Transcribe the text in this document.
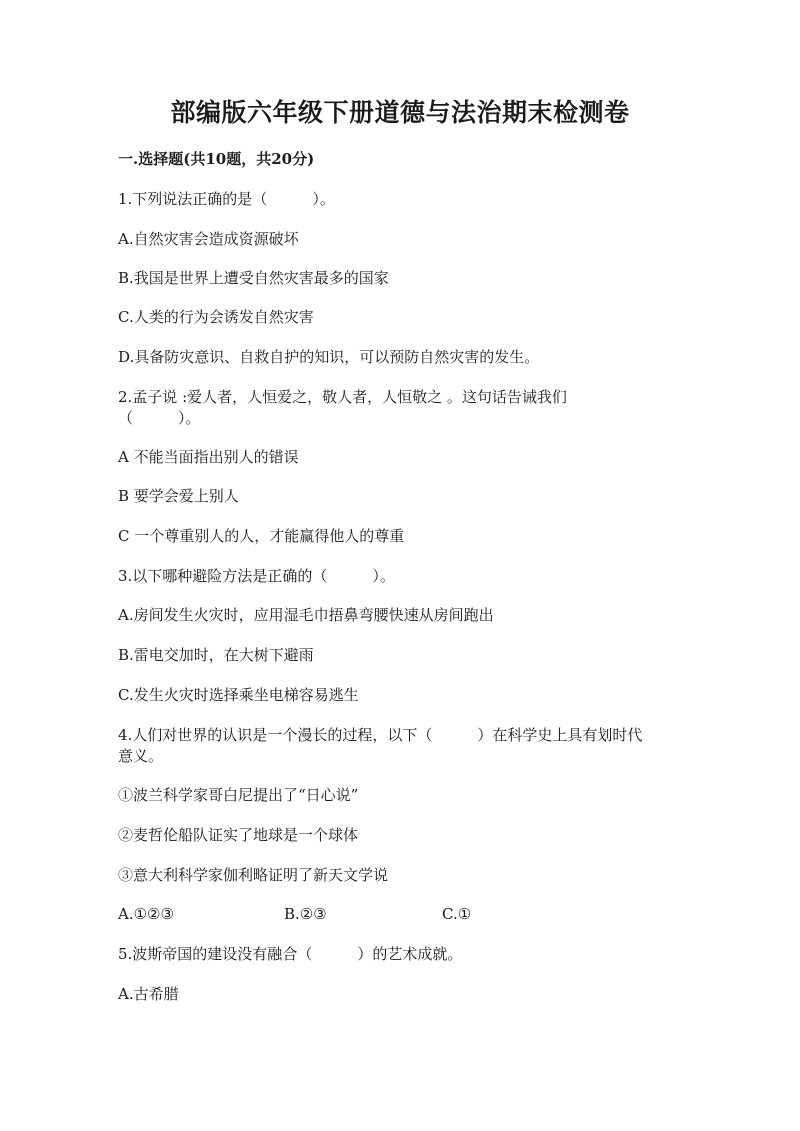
部编版六年级下册道德与法治期末检测卷
一.选择题(共10题，共20分)
1.下列说法正确的是（　　　）。
A.自然灾害会造成资源破坏
B.我国是世界上遭受自然灾害最多的国家
C.人类的行为会诱发自然灾害
D.具备防灾意识、自救自护的知识，可以预防自然灾害的发生。
2.孟子说 :爱人者，人恒爱之，敬人者，人恒敬之 。这句话告诫我们
（　　　）。
A 不能当面指出别人的错误
B 要学会爱上别人
C 一个尊重别人的人，才能赢得他人的尊重
3.以下哪种避险方法是正确的（　　　）。
A.房间发生火灾时，应用湿毛巾捂鼻弯腰快速从房间跑出
B.雷电交加时，在大树下避雨
C.发生火灾时选择乘坐电梯容易逃生
4.人们对世界的认识是一个漫长的过程，以下（　　　）在科学史上具有划时代
意义。
①波兰科学家哥白尼提出了“日心说”
②麦哲伦船队证实了地球是一个球体
③意大利科学家伽利略证明了新天文学说
A.①②③	B.②③	C.①
5.波斯帝国的建设没有融合（　　　）的艺术成就。
A.古希腊
